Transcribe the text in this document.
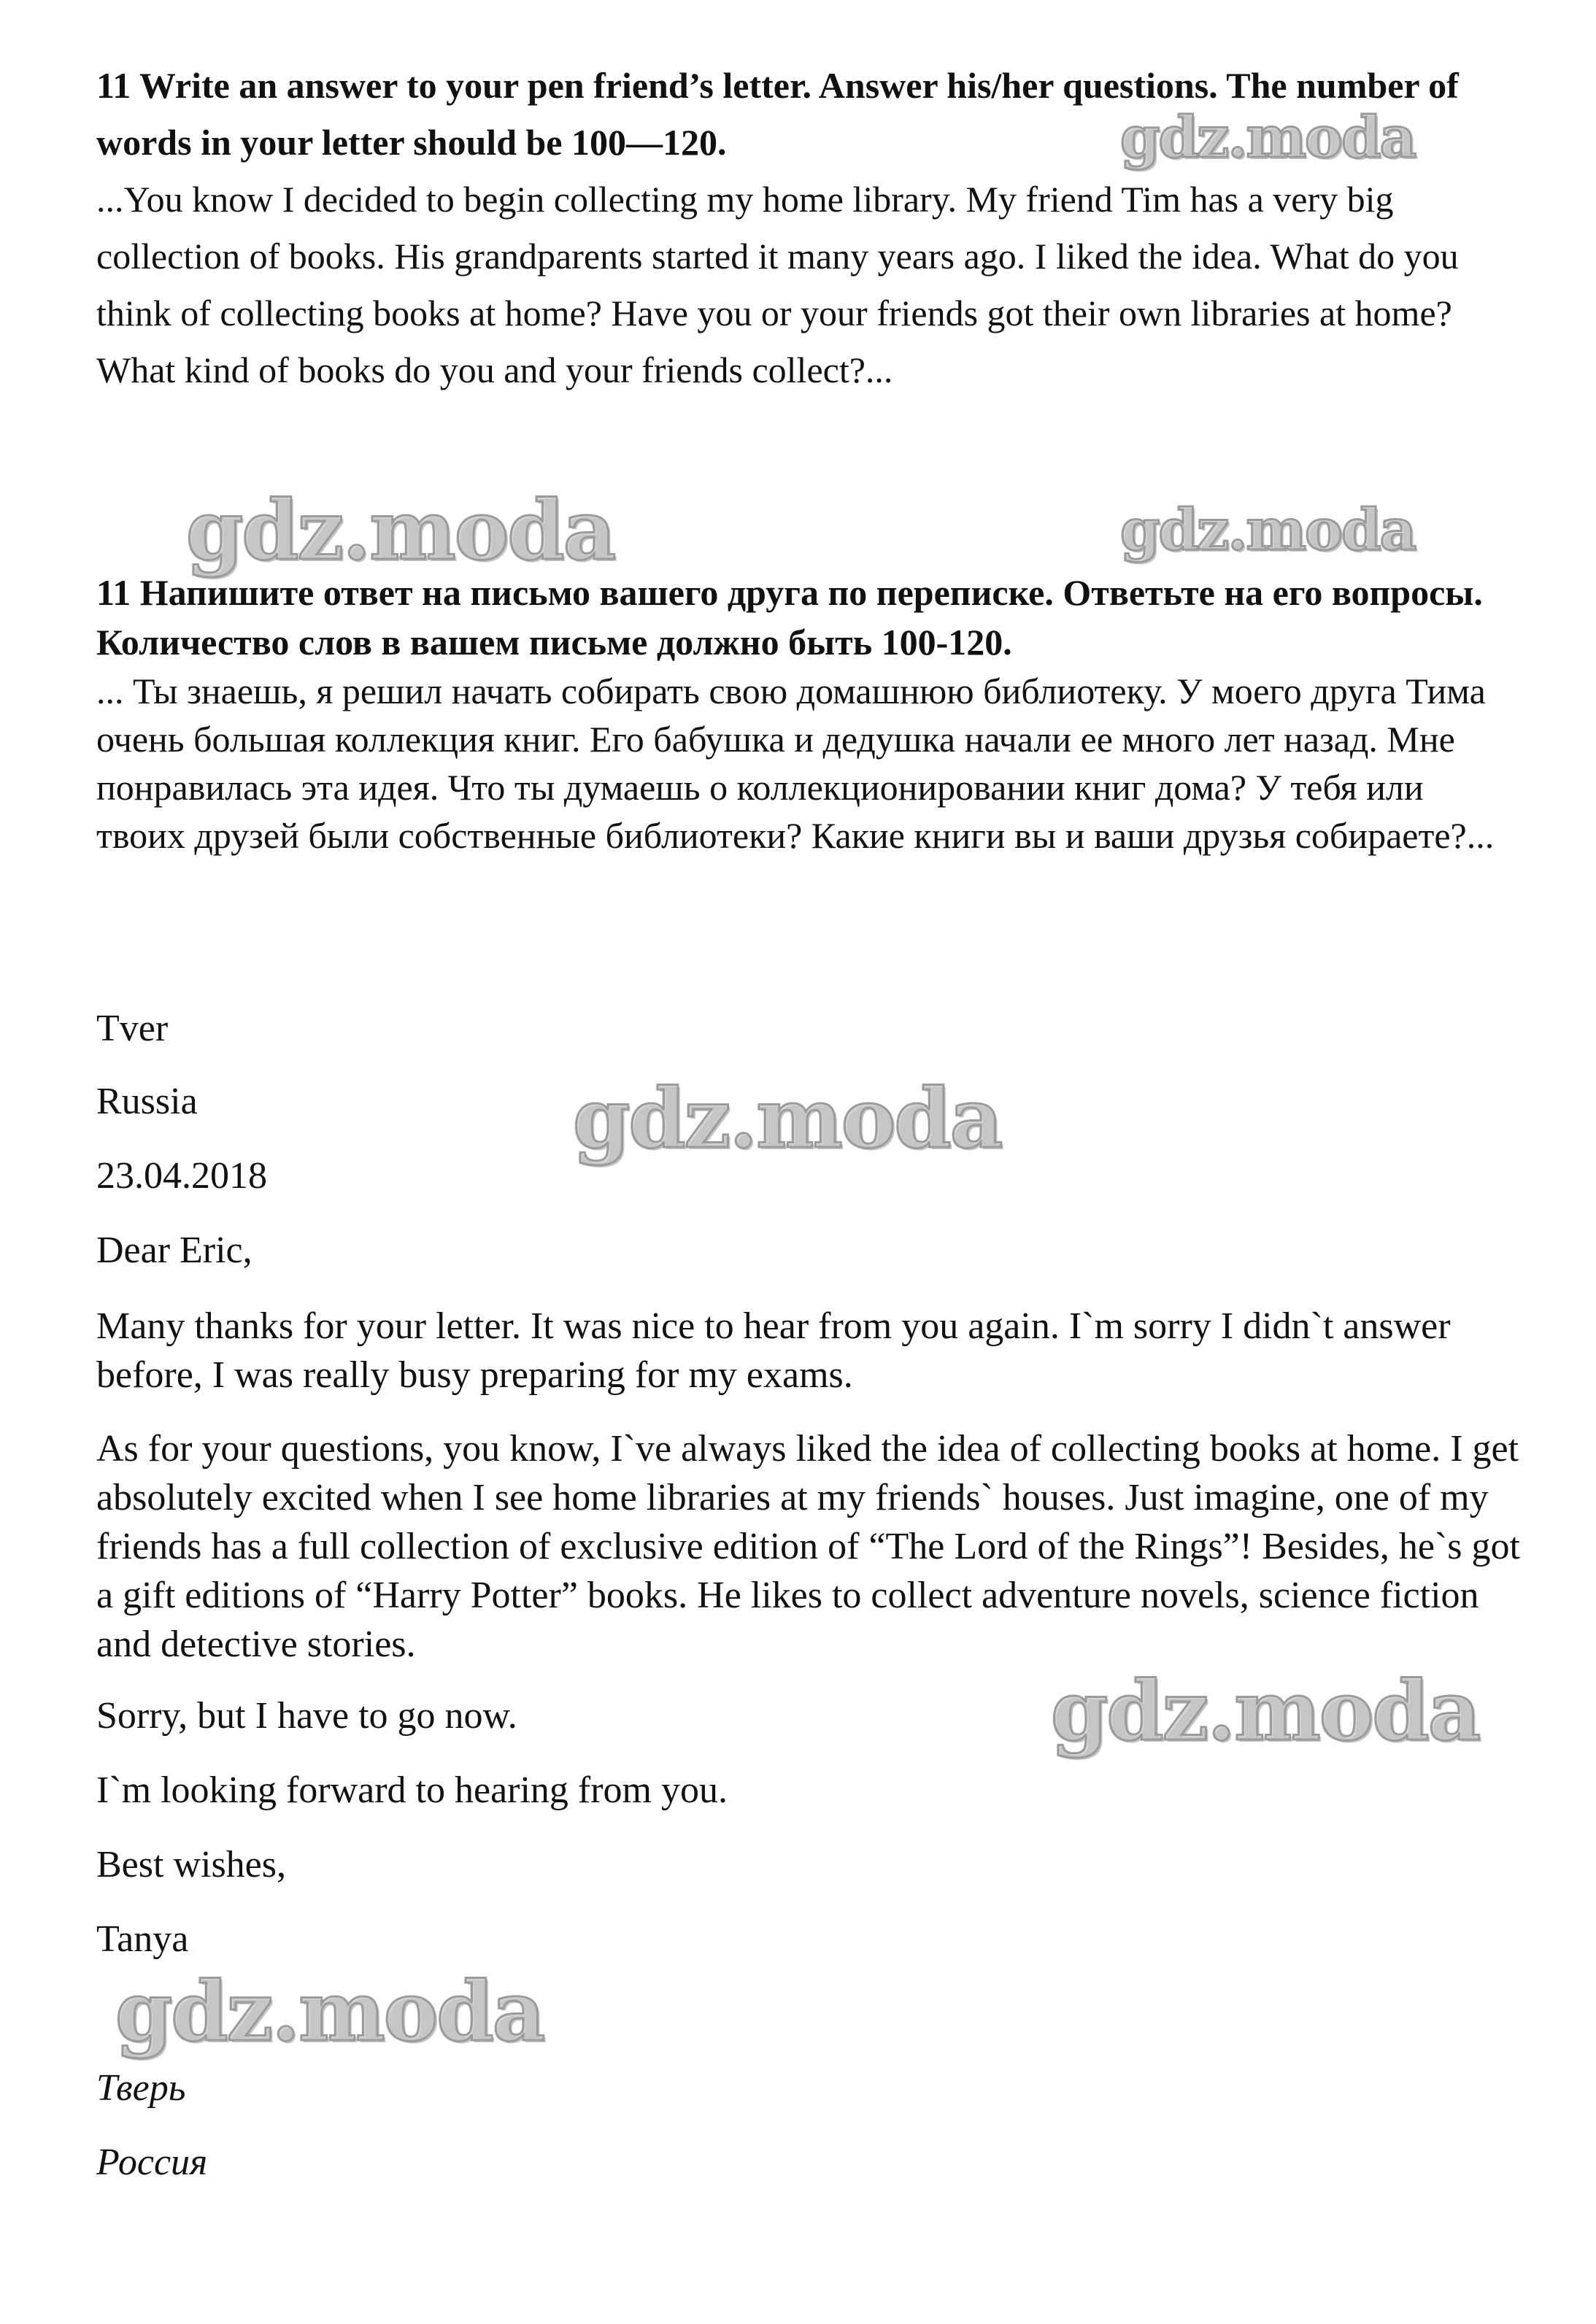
11 Write an answer to your pen friend’s letter. Answer his/her questions. The number of words in your letter should be 100—120.

...You know I decided to begin collecting my home library. My friend Tim has a very big collection of books. His grandparents started it many years ago. I liked the idea. What do you think of collecting books at home? Have you or your friends got their own libraries at home? What kind of books do you and your friends collect?...

11 Напишите ответ на письмо вашего друга по переписке. Ответьте на его вопросы. Количество слов в вашем письме должно быть 100-120.

... Ты знаешь, я решил начать собирать свою домашнюю библиотеку. У моего друга Тима очень большая коллекция книг. Его бабушка и дедушка начали ее много лет назад. Мне понравилась эта идея. Что ты думаешь о коллекционировании книг дома? У тебя или твоих друзей были собственные библиотеки? Какие книги вы и ваши друзья собираете?...

Tver

Russia

23.04.2018

Dear Eric,

Many thanks for your letter. It was nice to hear from you again. I`m sorry I didn`t answer before, I was really busy preparing for my exams.

As for your questions, you know, I`ve always liked the idea of collecting books at home. I get absolutely excited when I see home libraries at my friends` houses. Just imagine, one of my friends has a full collection of exclusive edition of “The Lord of the Rings”! Besides, he`s got a gift editions of “Harry Potter” books. He likes to collect adventure novels, science fiction and detective stories.

Sorry, but I have to go now.

I`m looking forward to hearing from you.

Best wishes,

Tanya

Тверь

Россия

gdz.moda
gdz.moda	gdz.moda
gdz.moda
gdz.moda
gdz.moda
